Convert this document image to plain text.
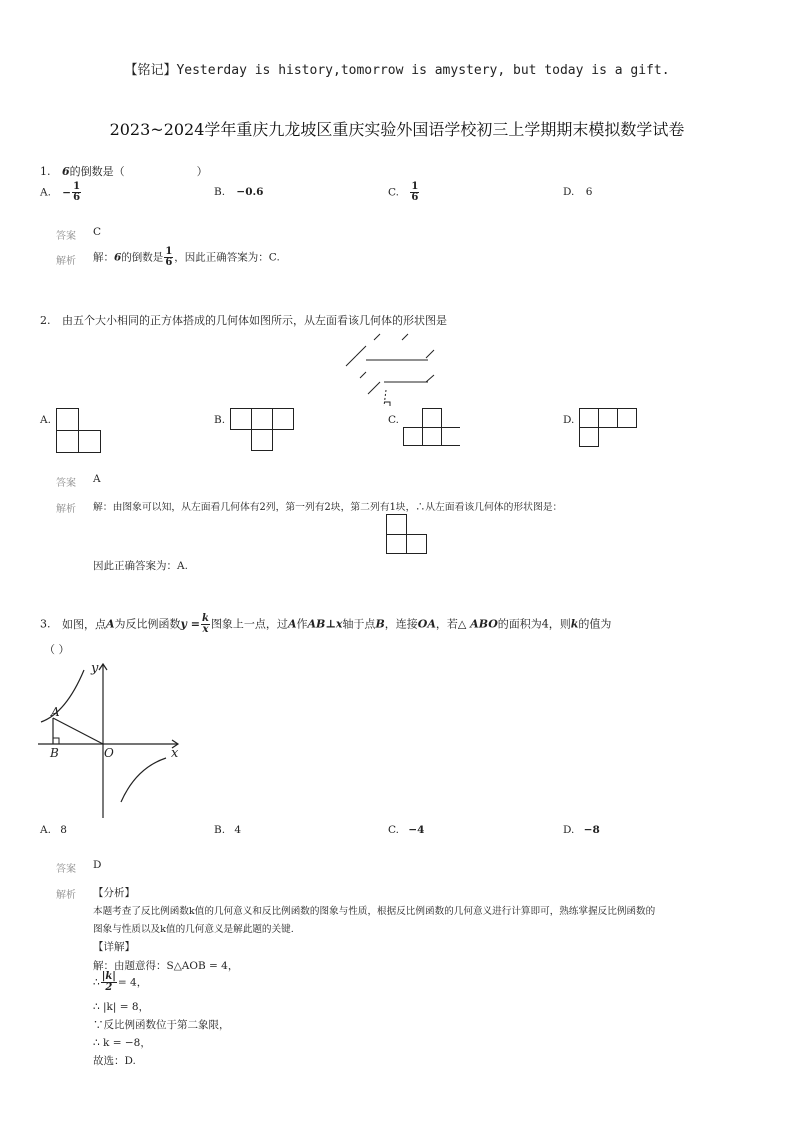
【铭记】Yesterday is history,tomorrow is amystery, but today is a gift.
2023~2024学年重庆九龙坡区重庆实验外国语学校初三上学期期末模拟数学试卷
1. 6的倒数是（	）
A. − $\frac{1}{6}$	B. −0.6	C. $\frac{1}{6}$	D. 6
答案 C
解析 解：6的倒数是 $\frac{1}{6}$ ，因此正确答案为：C.
2. 由五个大小相同的正方体搭成的几何体如图所示，从左面看该几何体的形状图是
A.	B.	C.	D.
答案 A
解析 解：由图象可以知，从左面看几何体有2列，第一列有2块，第二列有1块，∴从左面看该几何体的形状图是：
因此正确答案为：A.
3. 如图，点A为反比例函数$y = \frac{k}{x}$ 图象上一点，过A作AB⊥x轴于点B，连接OA，若△ ABO的面积为4，则k的值为
（ ）
y
x
O
A
B
A. 8	B. 4	C. −4	D. −8
答案 D
解析 【分析】
本题考查了反比例函数k值的几何意义和反比例函数的图象与性质，根据反比例函数的几何意义进行计算即可，熟练掌握反比例函数的
图象与性质以及k值的几何意义是解此题的关键.
【详解】
解：由题意得：S△AOB = 4，
∴ $\frac{|k|}{2} = 4$，
∴ |k| = 8，
∵反比例函数位于第二象限，
∴ k = −8，
故选：D.
